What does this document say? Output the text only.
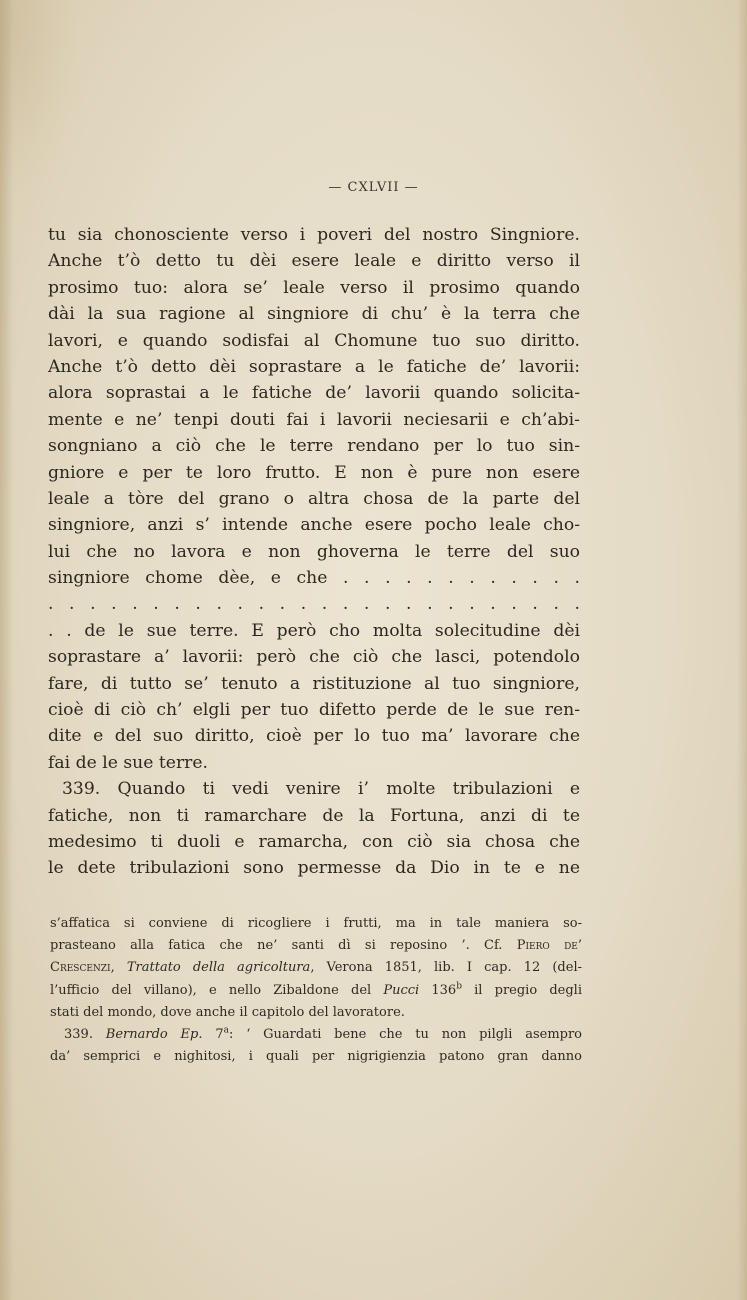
— CXLVII —
tu sia chonosciente verso i poveri del nostro Singniore.
Anche t’ò detto tu dèi esere leale e diritto verso il
prosimo tuo: alora se’ leale verso il prosimo quando
dài la sua ragione al singniore di chu’ è la terra che
lavori, e quando sodisfai al Chomune tuo suo diritto.
Anche t’ò detto dèi soprastare a le fatiche de’ lavorii:
alora soprastai a le fatiche de’ lavorii quando solicita-
mente e ne’ tenpi douti fai i lavorii neciesarii e ch’abi-
songniano a ciò che le terre rendano per lo tuo sin-
gniore e per te loro frutto. E non è pure non esere
leale a tòre del grano o altra chosa de la parte del
singniore, anzi s’ intende anche esere pocho leale cho-
lui che no lavora e non ghoverna le terre del suo
singniore chome dèe, e che . . . . . . . . . . . .
. . . . . . . . . . . . . . . . . . . . . . . . . .
. . de le sue terre. E però cho molta solecitudine dèi
soprastare a’ lavorii: però che ciò che lasci, potendolo
fare, di tutto se’ tenuto a ristituzione al tuo singniore,
cioè di ciò ch’ elgli per tuo difetto perde de le sue ren-
dite e del suo diritto, cioè per lo tuo ma’ lavorare che
fai de le sue terre.
339. Quando ti vedi venire i’ molte tribulazioni e
fatiche, non ti ramarchare de la Fortuna, anzi di te
medesimo ti duoli e ramarcha, con ciò sia chosa che
le dete tribulazioni sono permesse da Dio in te e ne
s’affatica si conviene di ricogliere i frutti, ma in tale maniera so-
prasteano alla fatica che ne’ santi dì si reposino ’. Cf. Piero de’
Crescenzi, Trattato della agricoltura, Verona 1851, lib. I cap. 12 (del-
l’ufficio del villano), e nello Zibaldone del Pucci 136$^b$ il pregio degli
stati del mondo, dove anche il capitolo del lavoratore.
339. Bernardo Ep. 7$^a$: ‘ Guardati bene che tu non pilgli asempro
da’ semprici e nighitosi, i quali per nigrigienzia patono gran danno
